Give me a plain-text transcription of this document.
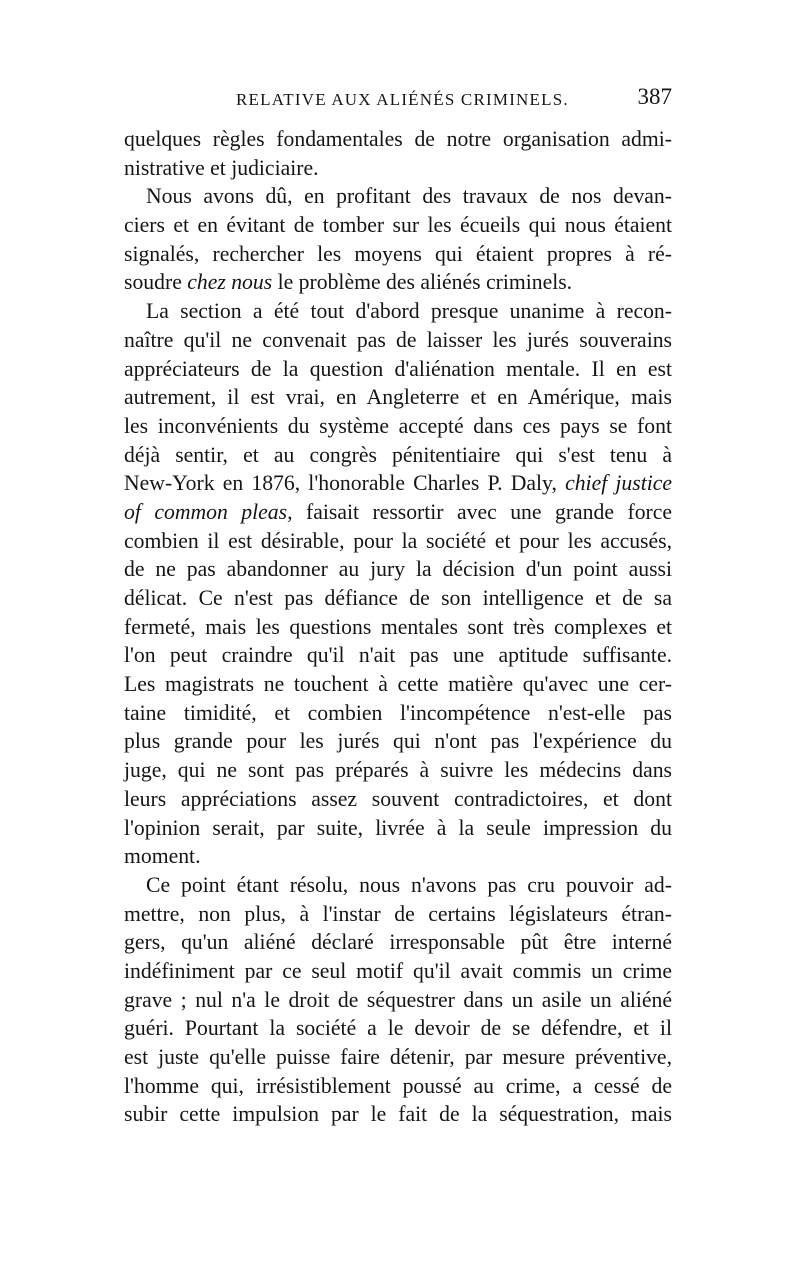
RELATIVE AUX ALIÉNÉS CRIMINELS.	387
quelques règles fondamentales de notre organisation admi-
nistrative et judiciaire.
Nous avons dû, en profitant des travaux de nos devan-
ciers et en évitant de tomber sur les écueils qui nous étaient
signalés, rechercher les moyens qui étaient propres à ré-
soudre chez nous le problème des aliénés criminels.
La section a été tout d'abord presque unanime à recon-
naître qu'il ne convenait pas de laisser les jurés souverains
appréciateurs de la question d'aliénation mentale. Il en est
autrement, il est vrai, en Angleterre et en Amérique, mais
les inconvénients du système accepté dans ces pays se font
déjà sentir, et au congrès pénitentiaire qui s'est tenu à
New-York en 1876, l'honorable Charles P. Daly, chief justice
of common pleas, faisait ressortir avec une grande force
combien il est désirable, pour la société et pour les accusés,
de ne pas abandonner au jury la décision d'un point aussi
délicat. Ce n'est pas défiance de son intelligence et de sa
fermeté, mais les questions mentales sont très complexes et
l'on peut craindre qu'il n'ait pas une aptitude suffisante.
Les magistrats ne touchent à cette matière qu'avec une cer-
taine timidité, et combien l'incompétence n'est-elle pas
plus grande pour les jurés qui n'ont pas l'expérience du
juge, qui ne sont pas préparés à suivre les médecins dans
leurs appréciations assez souvent contradictoires, et dont
l'opinion serait, par suite, livrée à la seule impression du
moment.
Ce point étant résolu, nous n'avons pas cru pouvoir ad-
mettre, non plus, à l'instar de certains législateurs étran-
gers, qu'un aliéné déclaré irresponsable pût être interné
indéfiniment par ce seul motif qu'il avait commis un crime
grave ; nul n'a le droit de séquestrer dans un asile un aliéné
guéri. Pourtant la société a le devoir de se défendre, et il
est juste qu'elle puisse faire détenir, par mesure préventive,
l'homme qui, irrésistiblement poussé au crime, a cessé de
subir cette impulsion par le fait de la séquestration, mais
